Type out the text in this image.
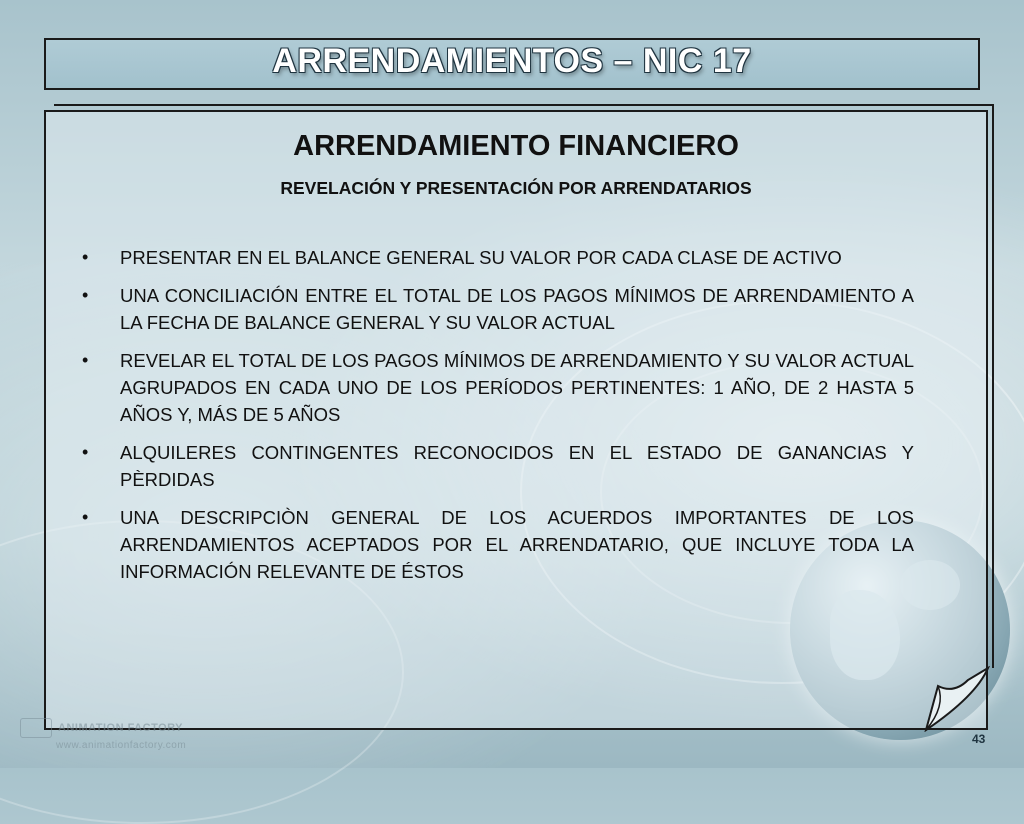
ARRENDAMIENTOS – NIC 17
ARRENDAMIENTO FINANCIERO
REVELACIÓN Y PRESENTACIÓN POR ARRENDATARIOS
• PRESENTAR EN EL BALANCE GENERAL SU VALOR POR CADA CLASE DE ACTIVO
• UNA CONCILIACIÓN ENTRE EL TOTAL DE LOS PAGOS MÍNIMOS DE ARRENDAMIENTO A LA FECHA DE BALANCE GENERAL Y SU VALOR ACTUAL
• REVELAR EL TOTAL DE LOS PAGOS MÍNIMOS DE ARRENDAMIENTO Y SU VALOR ACTUAL AGRUPADOS EN CADA UNO DE LOS PERÍODOS PERTINENTES: 1 AÑO, DE 2 HASTA 5 AÑOS Y, MÁS DE 5 AÑOS
• ALQUILERES CONTINGENTES RECONOCIDOS EN EL ESTADO DE GANANCIAS Y PÈRDIDAS
• UNA DESCRIPCIÒN GENERAL DE LOS ACUERDOS IMPORTANTES DE LOS ARRENDAMIENTOS ACEPTADOS POR EL ARRENDATARIO, QUE INCLUYE TODA LA INFORMACIÓN RELEVANTE DE ÉSTOS
ANIMATION FACTORY
www.animationfactory.com	43
